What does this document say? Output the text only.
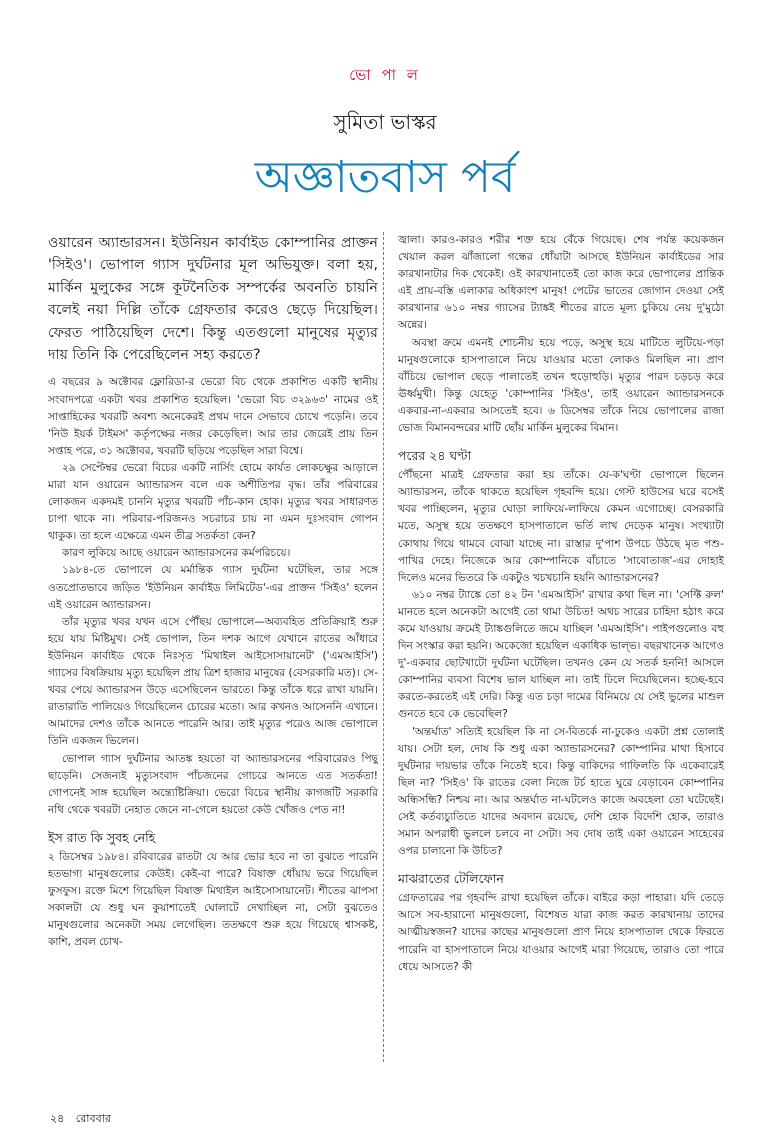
ভো পা ল
সুমিতা ভাস্কর
অজ্ঞাতবাস পর্ব
ওয়ারেন অ্যান্ডারসন। ইউনিয়ন কার্বাইড কোম্পানির প্রাক্তন 'সিইও'। ভোপাল গ্যাস দুর্ঘটনার মূল অভিযুক্ত। বলা হয়, মার্কিন মুলুকের সঙ্গে কূটনৈতিক সম্পর্কের অবনতি চায়নি বলেই নয়া দিল্লি তাঁকে গ্রেফতার করেও ছেড়ে দিয়েছিল। ফেরত পাঠিয়েছিল দেশে। কিন্তু এতগুলো মানুষের মৃত্যুর দায় তিনি কি পেরেছিলেন সহ্য করতে?

এ বছরের ৯ অক্টোবর ফ্লোরিডা-র ভেরো বিচ থেকে প্রকাশিত একটি স্থানীয় সংবাদপত্রে একটা খবর প্রকাশিত হয়েছিল। 'ভেরো বিচ ৩২৯৬৩' নামের ওই সাপ্তাহিকের খবরটি অবশ্য অনেকেরই প্রথম দানে সেভাবে চোখে পড়েনি। তবে 'নিউ ইয়র্ক টাইমস' কর্তৃপক্ষের নজর কেড়েছিল। আর তার জেরেই প্রায় তিন সপ্তাহ পরে, ৩১ অক্টোবর, খবরটি ছড়িয়ে পড়েছিল সারা বিশ্বে।

২৯ সেপ্টেম্বর ভেরো বিচের একটি নার্সিং হোমে কার্যত লোকচক্ষুর আড়ালে মারা যান ওয়ারেন অ্যান্ডারসন বলে এক অশীতিপর বৃদ্ধ। তাঁর পরিবারের লোকজন একদমই চাননি মৃত্যুর খবরটি পাঁচ-কান হোক। মৃত্যুর খবর সাধারণত চাপা থাকে না। পরিবার-পরিজনও সচরাচর চায় না এমন দুঃসংবাদ গোপন থাকুক। তা হলে এক্ষেত্রে এমন তীব্র সতর্কতা কেন?

কারণ লুকিয়ে আছে ওয়ারেন অ্যান্ডারসনের কর্মপরিচয়ে।

১৯৮৪-তে ভোপালে যে মর্মান্তিক গ্যাস দুর্ঘটনা ঘটেছিল, তার সঙ্গে ওতপ্রোতভাবে জড়িত 'ইউনিয়ন কার্বাইড লিমিটেড'-এর প্রাক্তন 'সিইও' হলেন এই ওয়ারেন অ্যান্ডারসন।

তাঁর মৃত্যুর খবর যখন এসে পৌঁছয় ভোপালে—অব্যবহিত প্রতিক্রিয়াই শুরু হয়ে যায় মিষ্টিমুখ। সেই ভোপাল, তিন দশক আগে যেখানে রাতের আঁধারে ইউনিয়ন কার্বাইড থেকে নিঃসৃত 'মিথাইল আইসোসায়ানেট' ('এমআইসি') গ্যাসের বিষক্রিয়ায় মৃত্যু হয়েছিল প্রায় ত্রিশ হাজার মানুষের (বেসরকারি মত)। সে-খবর পেয়ে অ্যান্ডারসন উড়ে এসেছিলেন ভারতে। কিন্তু তাঁকে ধরে রাখা যায়নি। রাতারাতি পালিয়েও গিয়েছিলেন চোরের মতো। আর কখনও আসেননি এখানে। আমাদের দেশও তাঁকে আনতে পারেনি আর। তাই মৃত্যুর পরেও আজ ভোপালে তিনি একজন ভিলেন।

ভোপাল গ্যাস দুর্ঘটনার আতঙ্ক হয়তো বা অ্যান্ডারসনের পরিবারেরও পিছু ছাড়েনি। সেজন্যই মৃত্যুসংবাদ পাঁচজনের গোচরে আনতে এত সতর্কতা! গোপনেই সাঙ্গ হয়েছিল অন্ত্যেষ্টিক্রিয়া। ভেরো বিচের স্থানীয় কাগজটি সরকারি নথি থেকে খবরটা নেহাত জেনে না-গেলে হয়তো কেউ খোঁজও পেত না!

ইস রাত কি সুবহ নেহি

২ ডিসেম্বর ১৯৮৪। রবিবারের রাতটা যে আর ভোর হবে না তা বুঝতে পারেনি হতভাগ্য মানুষগুলোর কেউই। কেই-বা পারে? বিষাক্ত ধোঁয়ায় ভরে গিয়েছিল ফুসফুস। রক্তে মিশে গিয়েছিল বিষাক্ত মিথাইল আইসোসায়ানেট। শীতের ঝাপসা সকালটা যে শুধু ঘন কুয়াশাতেই ঘোলাটে দেখাচ্ছিল না, সেটা বুঝতেও মানুষগুলোর অনেকটা সময় লেগেছিল। ততক্ষণে শুরু হয়ে গিয়েছে শ্বাসকষ্ট, কাশি, প্রবল চোখ-

জ্বালা। কারও-কারও শরীর শক্ত হয়ে বেঁকে গিয়েছে। শেষ পর্যন্ত কয়েকজন খেয়াল করল ঝাঁজালো গন্ধের ধোঁয়াটা আসছে ইউনিয়ন কার্বাইডের সার কারখানাটার দিক থেকেই। ওই কারখানাতেই তো কাজ করে ভোপালের প্রান্তিক এই প্রায়-বস্তি এলাকার অধিকাংশ মানুষ! পেটের ভাতের জোগান দেওয়া সেই কারখানার ৬১০ নম্বর গ্যাসের ট্যাঙ্কই শীতের রাতে মূল্য চুকিয়ে নেয় দু'মুঠো অন্নের।

অবস্থা ক্রমে এমনই শোচনীয় হয়ে পড়ে, অসুস্থ হয়ে মাটিতে লুটিয়ে-পড়া মানুষগুলোকে হাসপাতালে নিয়ে যাওয়ার মতো লোকও মিলছিল না। প্রাণ বাঁচিয়ে ভোপাল ছেড়ে পালাতেই তখন হুড়োহুড়ি। মৃত্যুর পারদ চড়চড় করে ঊর্ধ্বমুখী। কিন্তু যেহেতু 'কোম্পানির 'সিইও', তাই ওয়ারেন অ্যান্ডারসনকে একবার-না-একবার আসতেই হবে। ৬ ডিসেম্বর তাঁকে নিয়ে ভোপালের রাজা ভোজ বিমানবন্দরের মাটি ছোঁয় মার্কিন মুলুকের বিমান।

পরের ২৪ ঘণ্টা

পৌঁছনো মাত্রই গ্রেফতার করা হয় তাঁকে। যে-ক'ঘণ্টা ভোপালে ছিলেন অ্যান্ডারসন, তাঁকে থাকতে হয়েছিল গৃহবন্দি হয়ে। গেস্ট হাউসের ঘরে বসেই খবর পাচ্ছিলেন, মৃত্যুর ঘোড়া লাফিয়ে-লাফিয়ে কেমন এগোচ্ছে। বেসরকারি মতে, অসুস্থ হয়ে ততক্ষণে হাসপাতালে ভর্তি লাখ দেড়েক মানুষ। সংখ্যাটা কোথায় গিয়ে থামবে বোঝা যাচ্ছে না। রাস্তার দু'পাশ উপচে উঠছে মৃত পশু-পাখির দেহে। নিজেকে আর কোম্পানিকে বাঁচাতে 'সাবোতাজ'-এর দোহাই দিলেও মনের ভিতরে কি একটুও খচখচানি হয়নি অ্যান্ডারসনের?

৬১০ নম্বর ট্যাঙ্কে তো ৪২ টন 'এমআইসি' রাখার কথা ছিল না। 'সেফ্টি রুল' মানতে হলে অনেকটা আগেই তো থামা উচিত! অথচ সারের চাহিদা হঠাৎ করে কমে যাওয়ায় ক্রমেই ট্যাঙ্কগুলিতে জমে যাচ্ছিল 'এমআইসি'। পাইপগুলোও বহু দিন সংস্কার করা হয়নি। অকেজো হয়েছিল একাধিক ভাল্ভ। বছরখানেক আগেও দু'-একবার ছোটখাটো দুর্ঘটনা ঘটেছিল। তখনও কেন যে সতর্ক হননি! আসলে কোম্পানির ব্যবসা বিশেষ ভাল যাচ্ছিল না। তাই ঢিলে দিয়েছিলেন। হচ্ছে-হবে করতে-করতেই এই দেরি। কিন্তু এত চড়া দামের বিনিময়ে যে সেই ভুলের মাশুল গুনতে হবে কে ভেবেছিল?

'অন্তর্ঘাত' সত্যিই হয়েছিল কি না সে-বিতর্কে না-ঢুকেও একটা প্রশ্ন তোলাই যায়। সেটা হল, দোষ কি শুধু একা অ্যান্ডারসনের? কোম্পানির মাথা হিসাবে দুর্ঘটনার দায়ভার তাঁকে নিতেই হবে। কিন্তু বাকিদের গাফিলতি কি একেবারেই ছিল না? 'সিইও' কি রাতের বেলা নিজে টর্চ হাতে ঘুরে বেড়াবেন কোম্পানির অন্ধিসন্ধি? নিশ্চয় না। আর অন্তর্ঘাত না-ঘটলেও কাজে অবহেলা তো ঘটেছেই। সেই কর্তব্যচ্যুতিতে যাদের অবদান রয়েছে, দেশি হোক বিদেশি হোক, তারাও সমান অপরাধী ভুললে চলবে না সেটা। সব দোষ তাই একা ওয়ারেন সাহেবের ওপর চালানো কি উচিত?

মাঝরাতের টেলিফোন

গ্রেফতারের পর গৃহবন্দি রাখা হয়েছিল তাঁকে। বাইরে কড়া পাহারা। যদি তেড়ে আসে সব-হারানো মানুষগুলো, বিশেষত যারা কাজ করত কারখানায় তাদের আত্মীয়স্বজন? যাদের কাছের মানুষগুলো প্রাণ নিয়ে হাসপাতাল থেকে ফিরতে পারেনি বা হাসপাতালে নিয়ে যাওয়ার আগেই মারা গিয়েছে, তারাও তো পারে ধেয়ে আসতে? কী

২৪ রোববার
